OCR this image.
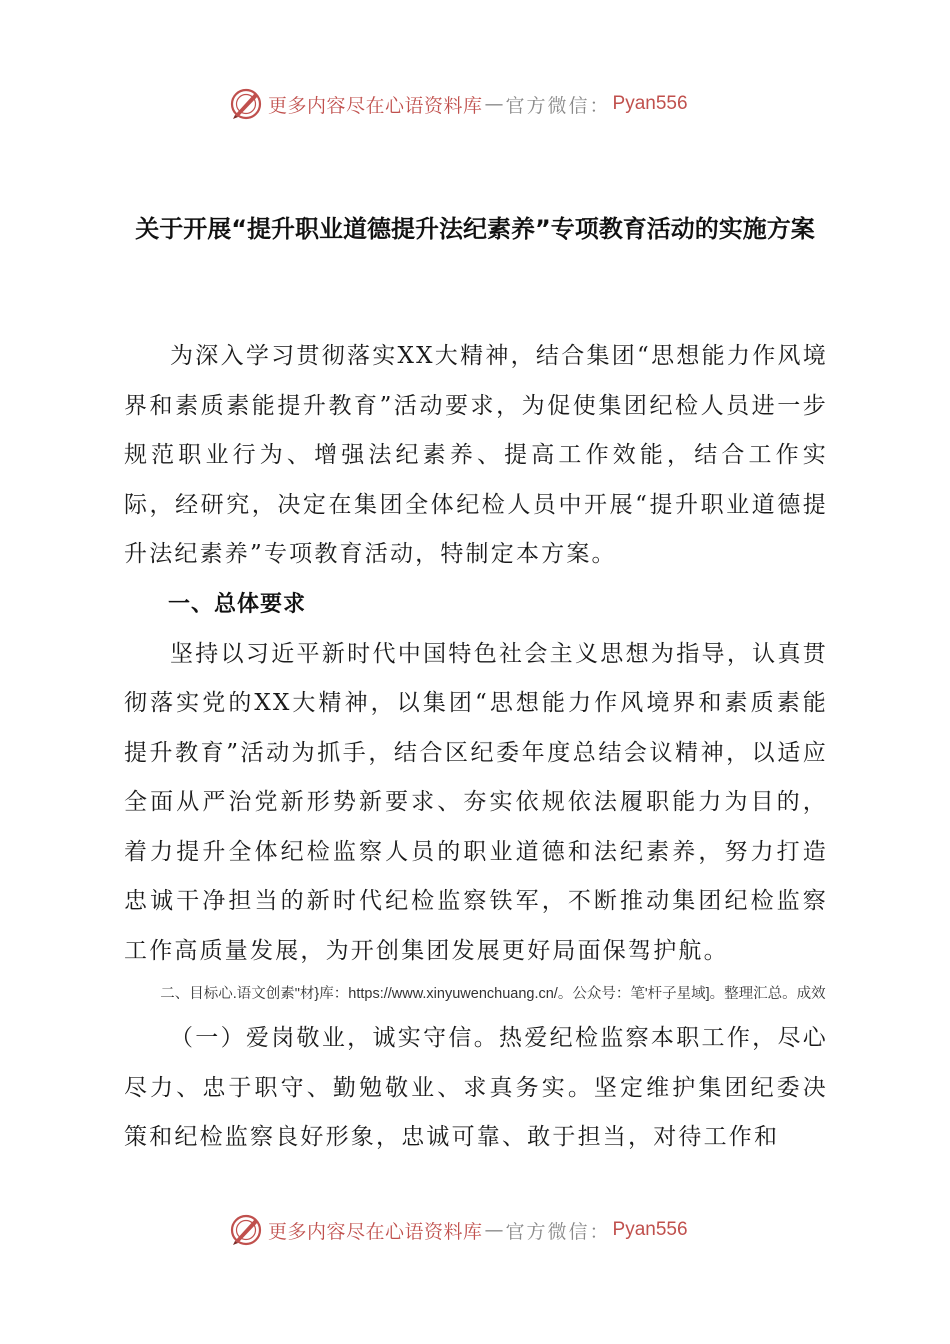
更多内容尽在心语资料库 — 官方微信： Pyan556
关于开展“提升职业道德提升法纪素养”专项教育活动的实施方案

为深入学习贯彻落实XX大精神，结合集团“思想能力作风境界和素质素能提升教育”活动要求，为促使集团纪检人员进一步规范职业行为、增强法纪素养、提高工作效能，结合工作实际，经研究，决定在集团全体纪检人员中开展“提升职业道德提升法纪素养”专项教育活动，特制定本方案。

一、总体要求

坚持以习近平新时代中国特色社会主义思想为指导，认真贯彻落实党的XX大精神，以集团“思想能力作风境界和素质素能提升教育”活动为抓手，结合区纪委年度总结会议精神，以适应全面从严治党新形势新要求、夯实依规依法履职能力为目的，着力提升全体纪检监察人员的职业道德和法纪素养，努力打造忠诚干净担当的新时代纪检监察铁军，不断推动集团纪检监察工作高质量发展，为开创集团发展更好局面保驾护航。

二、目标心.语文创素"材}库：https://www.xinyuwenchuang.cn/。公众号：笔'杆子星域]。整理汇总。成效

（一）爱岗敬业，诚实守信。热爱纪检监察本职工作，尽心尽力、忠于职守、勤勉敬业、求真务实。坚定维护集团纪委决策和纪检监察良好形象，忠诚可靠、敢于担当，对待工作和

更多内容尽在心语资料库 — 官方微信： Pyan556
